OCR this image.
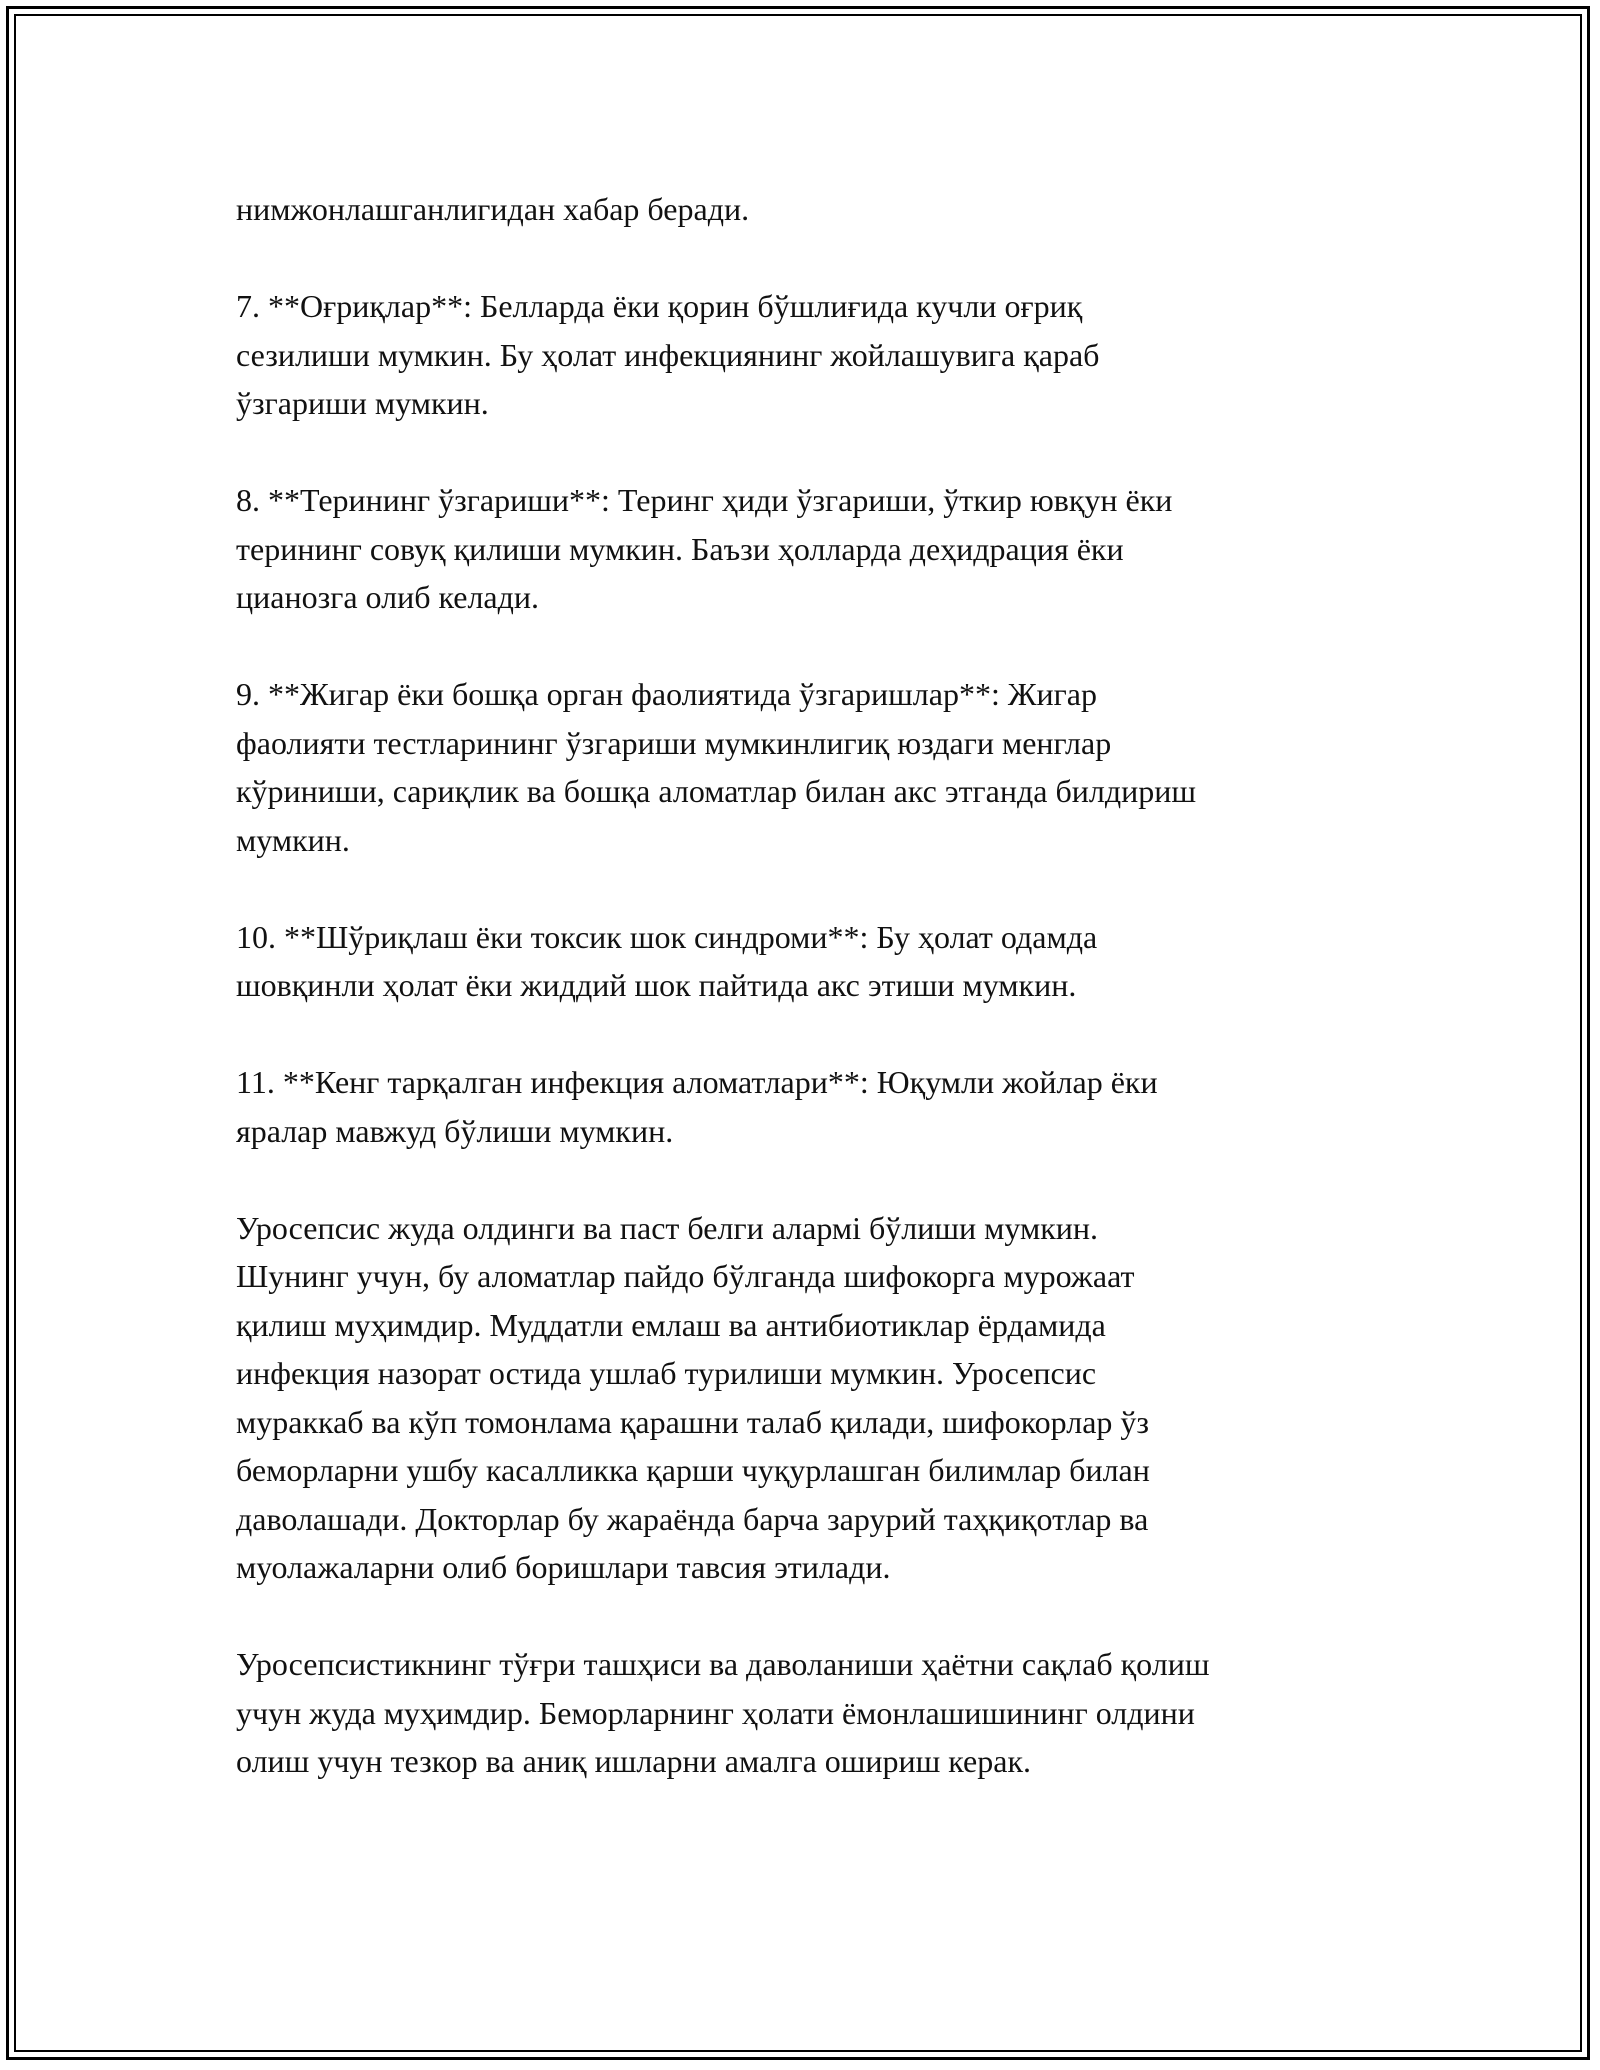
нимжонлашганлигидан хабар беради.

7. **Оғриқлар**: Белларда ёки қорин бўшлиғида кучли оғриқ
сезилиши мумкин. Бу ҳолат инфекциянинг жойлашувига қараб
ўзгариши мумкин.

8. **Терининг ўзгариши**: Теринг ҳиди ўзгариши, ўткир ювқун ёки
терининг совуқ қилиши мумкин. Баъзи ҳолларда деҳидрация ёки
цианозга олиб келади.

9. **Жигар ёки бошқа орган фаолиятида ўзгаришлар**: Жигар
фаолияти тестларининг ўзгариши мумкинлигиқ юздаги менглар
кўриниши, сариқлик ва бошқа аломатлар билан акс этганда билдириш
мумкин.

10. **Шўриқлаш ёки токсик шок синдроми**: Бу ҳолат одамда
шовқинли ҳолат ёки жиддий шок пайтида акс этиши мумкин.

11. **Кенг тарқалган инфекция аломатлари**: Юқумли жойлар ёки
яралар мавжуд бўлиши мумкин.

Уросепсис жуда олдинги ва паст белги алармi бўлиши мумкин.
Шунинг учун, бу аломатлар пайдо бўлганда шифокорга мурожаат
қилиш муҳимдир. Муддатли емлаш ва антибиотиклар ёрдамида
инфекция назорат остида ушлаб турилиши мумкин. Уросепсис
мураккаб ва кўп томонлама қарашни талаб қилади, шифокорлар ўз
беморларни ушбу касалликка қарши чуқурлашган билимлар билан
даволашади. Докторлар бу жараёнда барча зарурий таҳқиқотлар ва
муолажаларни олиб боришлари тавсия этилади.

Уросепсистикнинг тўғри ташҳиси ва даволаниши ҳаётни сақлаб қолиш
учун жуда муҳимдир. Беморларнинг ҳолати ёмонлашишининг олдини
олиш учун тезкор ва аниқ ишларни амалга ошириш керак.
